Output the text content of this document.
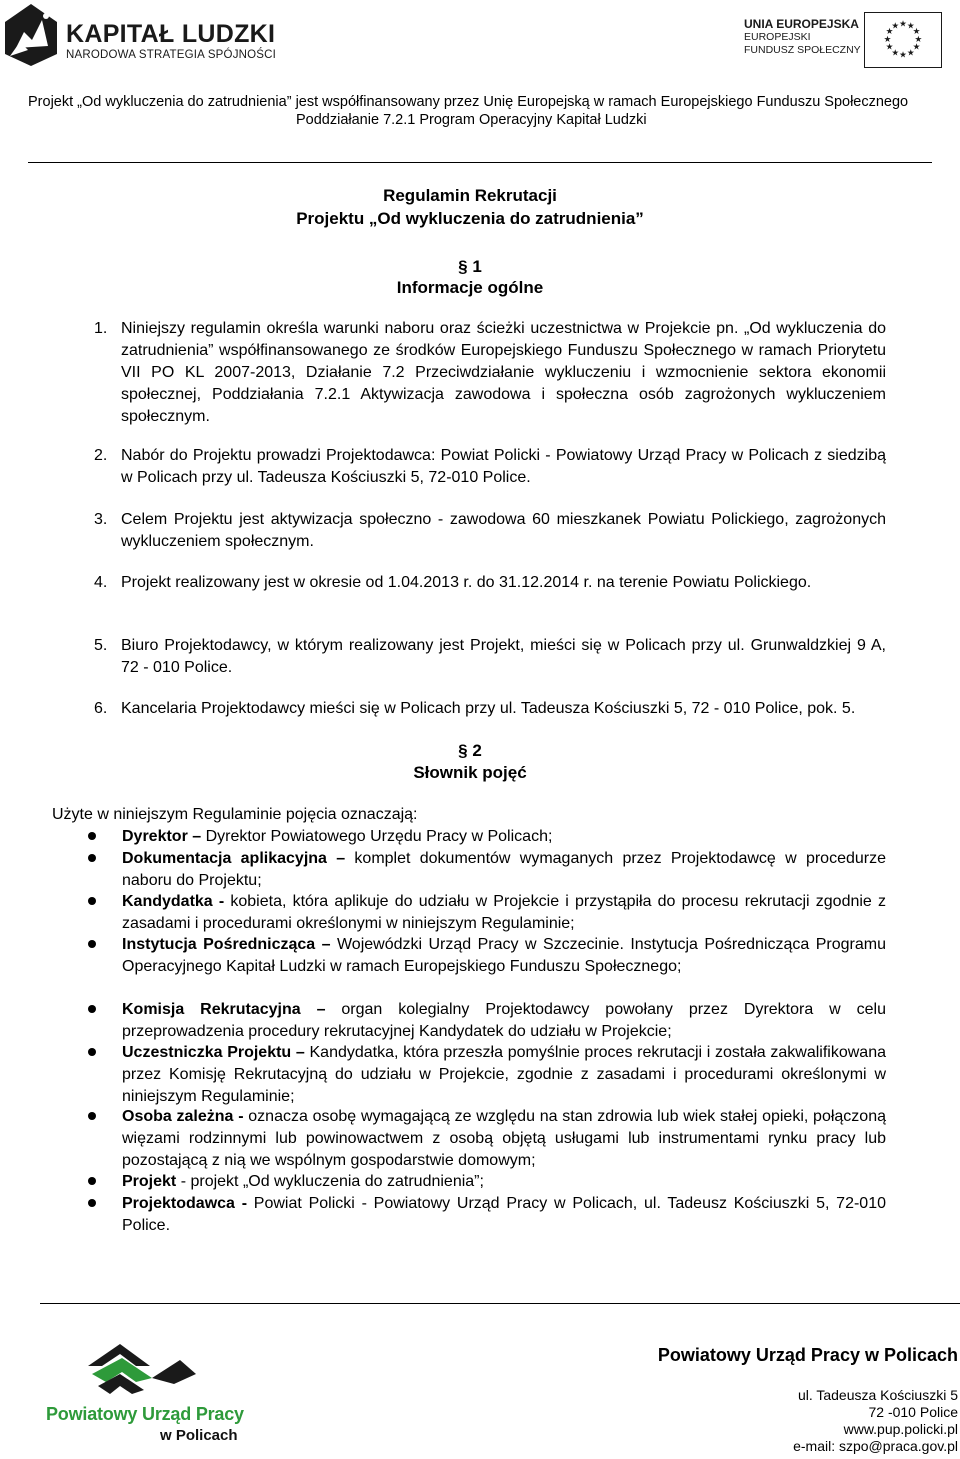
KAPITAŁ LUDZKI
NARODOWA STRATEGIA SPÓJNOŚCI
UNIA EUROPEJSKA
EUROPEJSKI
FUNDUSZ SPOŁECZNY
★ ★
★
★
★
★
★
★
★
★
★
★
Projekt „Od wykluczenia do zatrudnienia” jest współfinansowany przez Unię Europejską w ramach Europejskiego Funduszu Społecznego
Poddziałanie 7.2.1 Program Operacyjny Kapitał Ludzki
Regulamin Rekrutacji
Projektu „Od wykluczenia do zatrudnienia”
§ 1
Informacje ogólne
1. Niniejszy regulamin określa warunki naboru oraz ścieżki uczestnictwa w Projekcie pn. „Od wykluczenia do zatrudnienia” współfinansowanego ze środków Europejskiego Funduszu Społecznego w ramach Priorytetu VII PO KL 2007-2013, Działanie 7.2 Przeciwdziałanie wykluczeniu i wzmocnienie sektora ekonomii społecznej, Poddziałania 7.2.1 Aktywizacja zawodowa i społeczna osób zagrożonych wykluczeniem społecznym.
2. Nabór do Projektu prowadzi Projektodawca: Powiat Policki - Powiatowy Urząd Pracy w Policach z siedzibą w Policach przy ul. Tadeusza Kościuszki 5, 72-010 Police.
3. Celem Projektu jest aktywizacja społeczno - zawodowa 60 mieszkanek Powiatu Polickiego, zagrożonych wykluczeniem społecznym.
4. Projekt realizowany jest w okresie od 1.04.2013 r. do 31.12.2014 r. na terenie Powiatu Polickiego.
5. Biuro Projektodawcy, w którym realizowany jest Projekt, mieści się w Policach przy ul. Grunwaldzkiej 9 A, 72 - 010 Police.
6. Kancelaria Projektodawcy mieści się w Policach przy ul. Tadeusza Kościuszki 5, 72 - 010 Police, pok. 5.
§ 2
Słownik pojęć
Użyte w niniejszym Regulaminie pojęcia oznaczają:
Dyrektor – Dyrektor Powiatowego Urzędu Pracy w Policach;
Dokumentacja aplikacyjna – komplet dokumentów wymaganych przez Projektodawcę w procedurze naboru do Projektu;
Kandydatka - kobieta, która aplikuje do udziału w Projekcie i przystąpiła do procesu rekrutacji zgodnie z zasadami i procedurami określonymi w niniejszym Regulaminie;
Instytucja Pośrednicząca – Wojewódzki Urząd Pracy w Szczecinie. Instytucja Pośrednicząca Programu Operacyjnego Kapitał Ludzki w ramach Europejskiego Funduszu Społecznego;
Komisja Rekrutacyjna – organ kolegialny Projektodawcy powołany przez Dyrektora w celu przeprowadzenia procedury rekrutacyjnej Kandydatek do udziału w Projekcie;
Uczestniczka Projektu – Kandydatka, która przeszła pomyślnie proces rekrutacji i została zakwalifikowana przez Komisję Rekrutacyjną do udziału w Projekcie, zgodnie z zasadami i procedurami określonymi w niniejszym Regulaminie;
Osoba zależna - oznacza osobę wymagającą ze względu na stan zdrowia lub wiek stałej opieki, połączoną więzami rodzinnymi lub powinowactwem z osobą objętą usługami lub instrumentami rynku pracy lub pozostającą z nią we wspólnym gospodarstwie domowym;
Projekt - projekt „Od wykluczenia do zatrudnienia”;
Projektodawca - Powiat Policki - Powiatowy Urząd Pracy w Policach, ul. Tadeusz Kościuszki 5, 72-010 Police.
Powiatowy Urząd Pracy
w Policach
Powiatowy Urząd Pracy w Policach
ul. Tadeusza Kościuszki 5
72 -010 Police
www.pup.policki.pl
e-mail: szpo@praca.gov.pl
